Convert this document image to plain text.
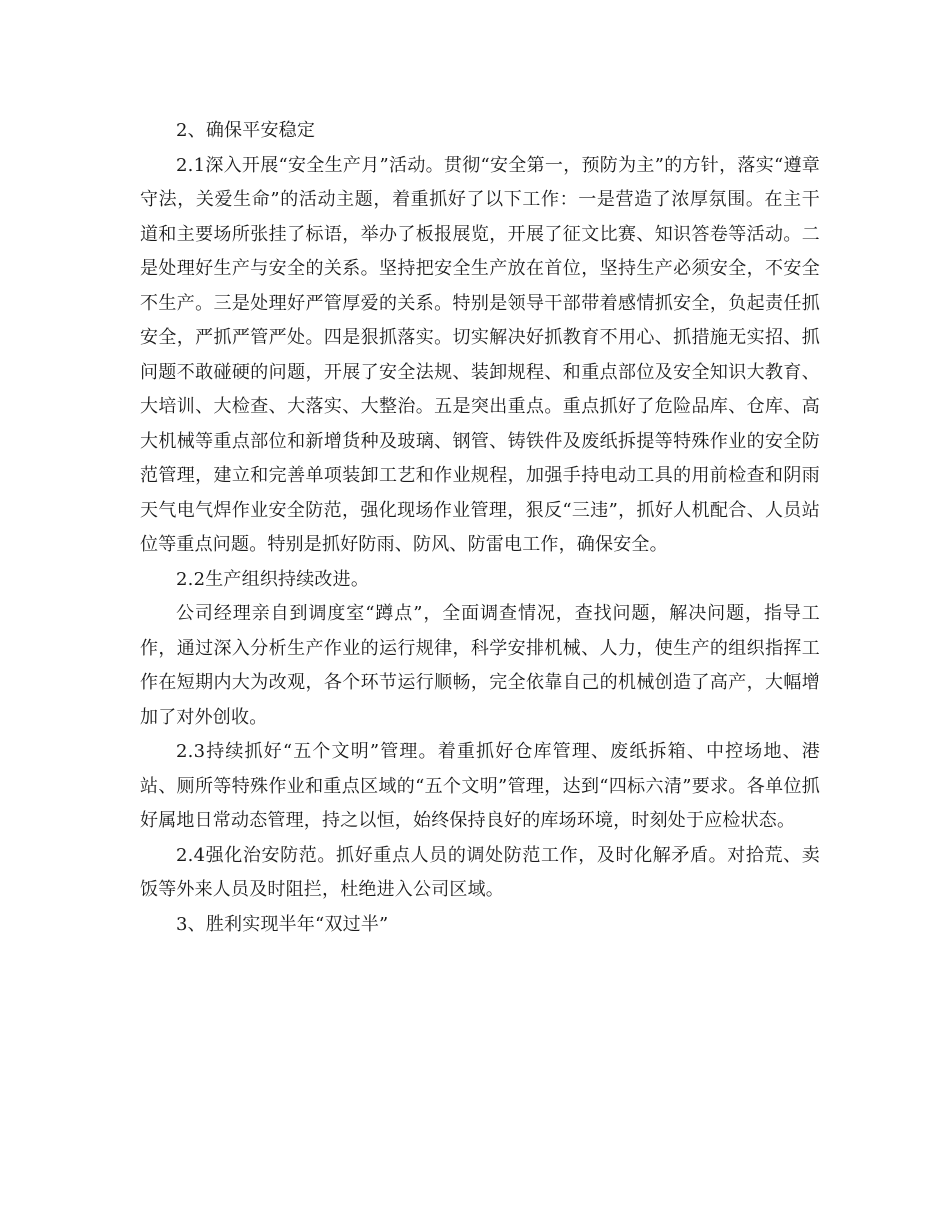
2、确保平安稳定

2.1深入开展“安全生产月”活动。贯彻“安全第一，预防为主”的方针，落实“遵章守法，关爱生命”的活动主题，着重抓好了以下工作：一是营造了浓厚氛围。在主干道和主要场所张挂了标语，举办了板报展览，开展了征文比赛、知识答卷等活动。二是处理好生产与安全的关系。坚持把安全生产放在首位，坚持生产必须安全，不安全不生产。三是处理好严管厚爱的关系。特别是领导干部带着感情抓安全，负起责任抓安全，严抓严管严处。四是狠抓落实。切实解决好抓教育不用心、抓措施无实招、抓问题不敢碰硬的问题，开展了安全法规、装卸规程、和重点部位及安全知识大教育、大培训、大检查、大落实、大整治。五是突出重点。重点抓好了危险品库、仓库、高大机械等重点部位和新增货种及玻璃、钢管、铸铁件及废纸拆提等特殊作业的安全防范管理，建立和完善单项装卸工艺和作业规程，加强手持电动工具的用前检查和阴雨天气电气焊作业安全防范，强化现场作业管理，狠反“三违”，抓好人机配合、人员站位等重点问题。特别是抓好防雨、防风、防雷电工作，确保安全。

2.2生产组织持续改进。

公司经理亲自到调度室“蹲点”，全面调查情况，查找问题，解决问题，指导工作，通过深入分析生产作业的运行规律，科学安排机械、人力，使生产的组织指挥工作在短期内大为改观，各个环节运行顺畅，完全依靠自己的机械创造了高产，大幅增加了对外创收。

2.3持续抓好“五个文明”管理。着重抓好仓库管理、废纸拆箱、中控场地、港站、厕所等特殊作业和重点区域的“五个文明”管理，达到“四标六清”要求。各单位抓好属地日常动态管理，持之以恒，始终保持良好的库场环境，时刻处于应检状态。

2.4强化治安防范。抓好重点人员的调处防范工作，及时化解矛盾。对拾荒、卖饭等外来人员及时阻拦，杜绝进入公司区域。

3、胜利实现半年“双过半”
